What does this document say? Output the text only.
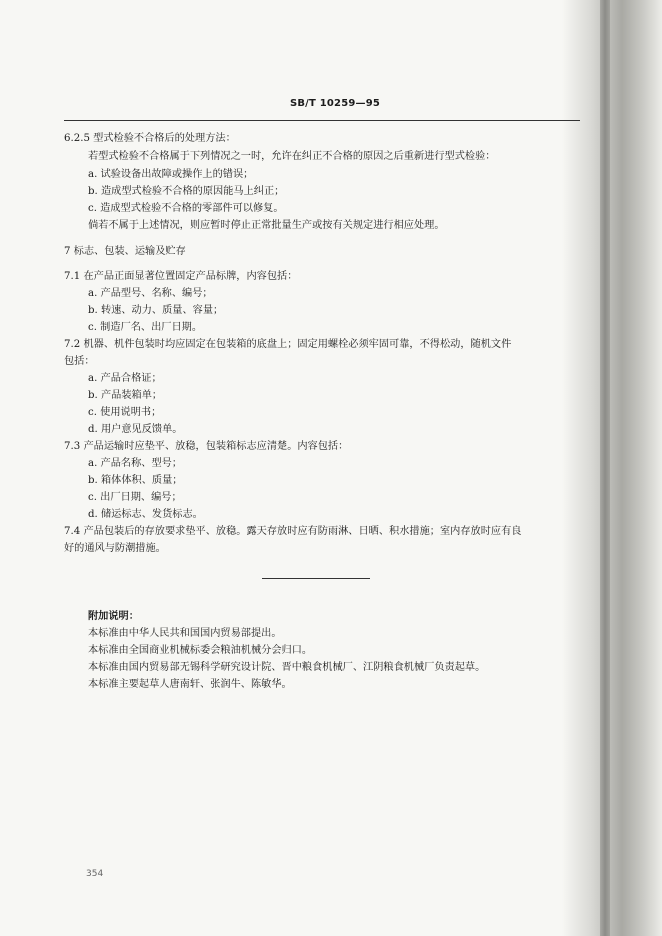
SB/T 10259—95
6.2.5 型式检验不合格后的处理方法：
若型式检验不合格属于下列情况之一时，允许在纠正不合格的原因之后重新进行型式检验：
a. 试验设备出故障或操作上的错误；
b. 造成型式检验不合格的原因能马上纠正；
c. 造成型式检验不合格的零部件可以修复。
倘若不属于上述情况，则应暂时停止正常批量生产或按有关规定进行相应处理。
7 标志、包装、运输及贮存
7.1 在产品正面显著位置固定产品标牌，内容包括：
a. 产品型号、名称、编号；
b. 转速、动力、质量、容量；
c. 制造厂名、出厂日期。
7.2 机器、机件包装时均应固定在包装箱的底盘上；固定用螺栓必须牢固可靠，不得松动，随机文件
包括：
a. 产品合格证；
b. 产品装箱单；
c. 使用说明书；
d. 用户意见反馈单。
7.3 产品运输时应垫平、放稳，包装箱标志应清楚。内容包括：
a. 产品名称、型号；
b. 箱体体积、质量；
c. 出厂日期、编号；
d. 储运标志、发货标志。
7.4 产品包装后的存放要求垫平、放稳。露天存放时应有防雨淋、日晒、积水措施；室内存放时应有良
好的通风与防潮措施。
附加说明：
本标准由中华人民共和国国内贸易部提出。
本标准由全国商业机械标委会粮油机械分会归口。
本标准由国内贸易部无锡科学研究设计院、晋中粮食机械厂、江阴粮食机械厂负责起草。
本标准主要起草人唐南轩、张润牛、陈敏华。
354
